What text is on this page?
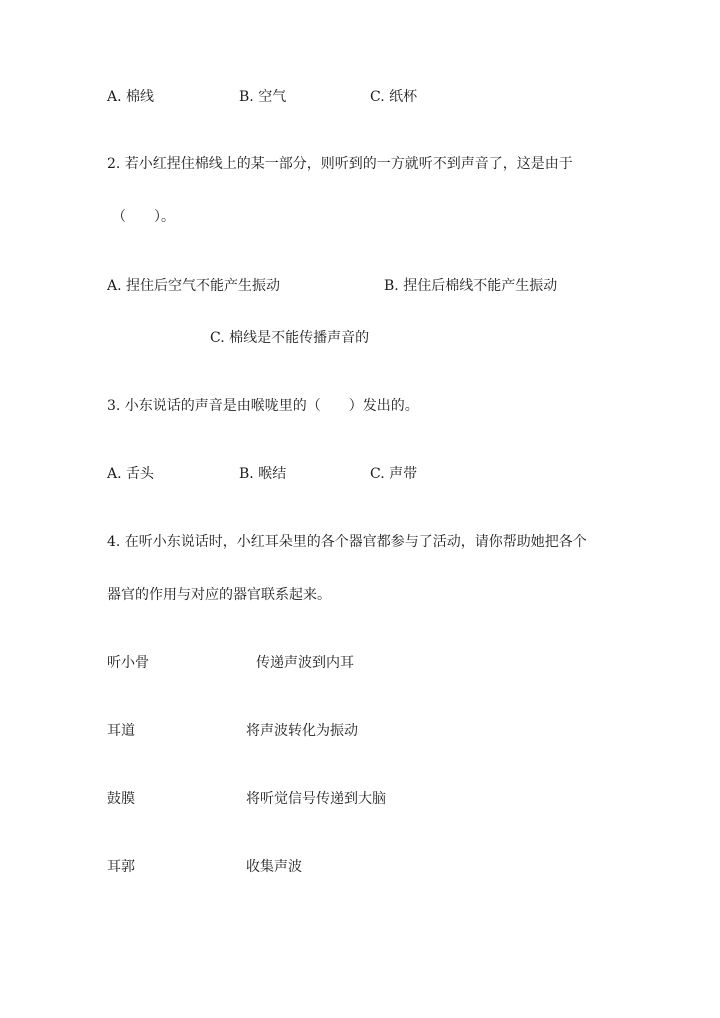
A. 棉线	B. 空气	C. 纸杯
2. 若小红捏住棉线上的某一部分，则听到的一方就听不到声音了，这是由于
（　　）。
A. 捏住后空气不能产生振动	B. 捏住后棉线不能产生振动
C. 棉线是不能传播声音的
3. 小东说话的声音是由喉咙里的（　　）发出的。
A. 舌头	B. 喉结	C. 声带
4. 在听小东说话时，小红耳朵里的各个器官都参与了活动，请你帮助她把各个
器官的作用与对应的器官联系起来。
听小骨	传递声波到内耳
耳道	将声波转化为振动
鼓膜	将听觉信号传递到大脑
耳郭	收集声波
